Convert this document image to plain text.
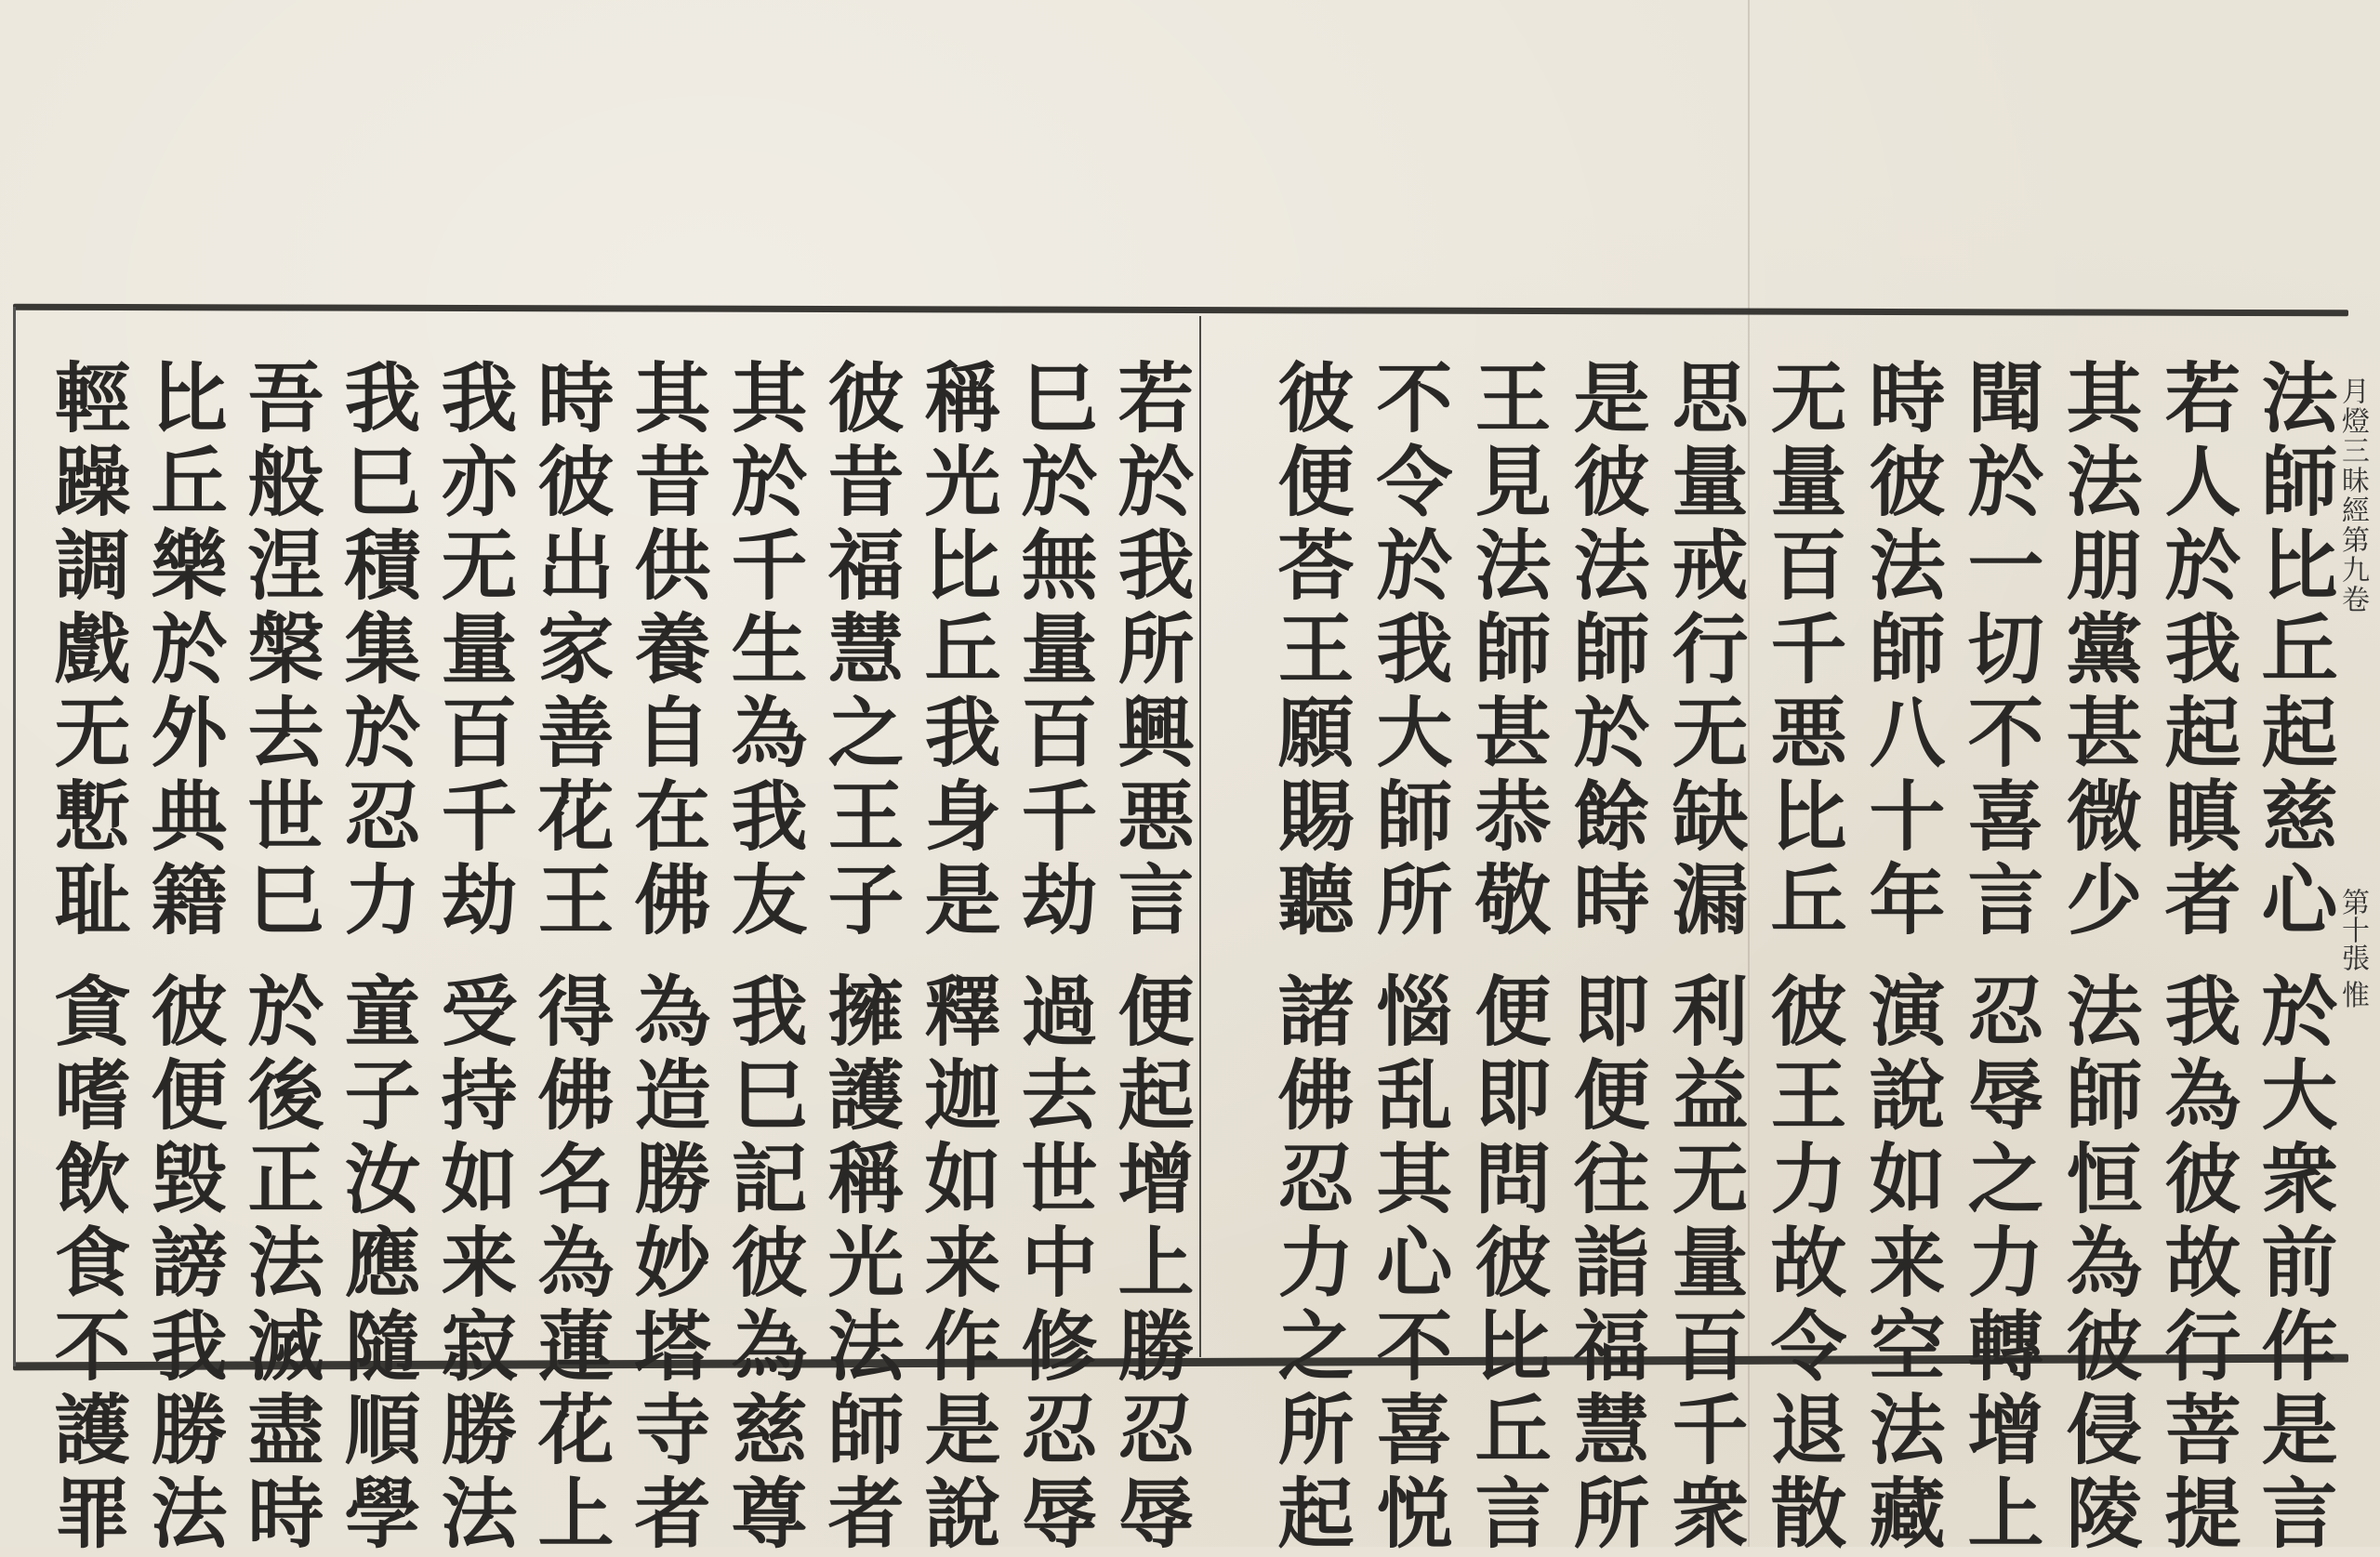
月燈三昧經第九卷
第十張 惟
法師比丘起慈心於大衆前作是言
若人於我起瞋者我為彼故行菩提
其法朋黨甚微少法師恒為彼侵陵
聞於一切不喜言忍辱之力轉增上
時彼法師八十年演說如来空法藏
无量百千悪比丘彼王力故令退散
思量戒行无缺漏利益无量百千衆
是彼法師於餘時即便往詣福慧所
王見法師甚恭敬便即問彼比丘言
不令於我大師所惱乱其心不喜悦
彼便荅王願賜聽諸佛忍力之所起
若於我所興悪言便起增上勝忍辱
巳於無量百千劫過去世中修忍辱
稱光比丘我身是釋迦如来作是說
彼昔福慧之王子擁護稱光法師者
其於千生為我友我巳記彼為慈尊
其昔供養自在佛為造勝妙塔寺者
時彼出家善花王得佛名為蓮花上
我亦无量百千劫受持如来寂勝法
我巳積集於忍力童子汝應隨順學
吾般涅槃去世巳於後正法滅盡時
比丘樂於外典籍彼便毀謗我勝法
輕躁調戲无慙耻貪嗜飲食不護罪
